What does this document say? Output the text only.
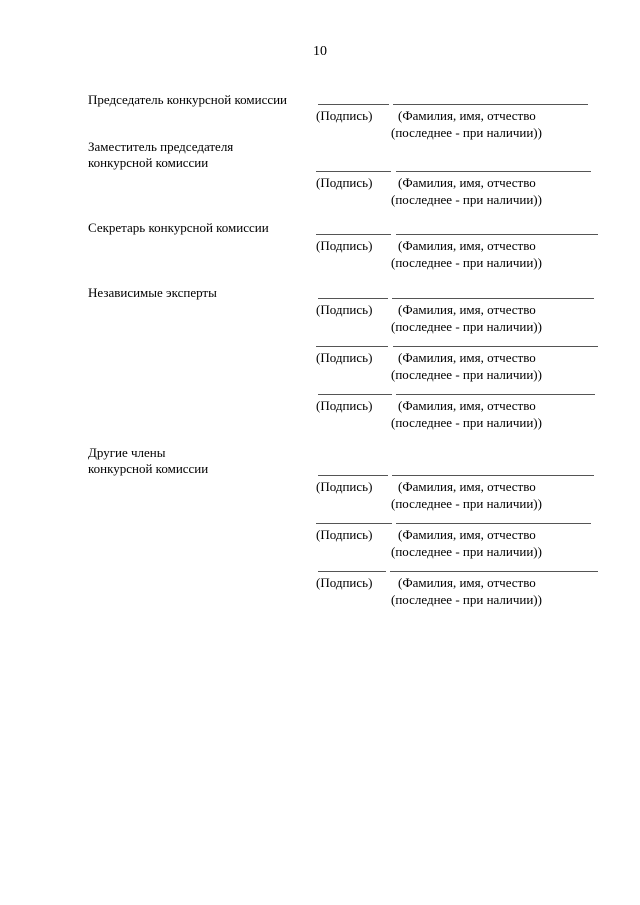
10
Председатель конкурсной комиссии
Заместитель председателя
конкурсной комиссии
Секретарь конкурсной комиссии
Независимые эксперты
Другие члены
конкурсной комиссии
(Подпись) (Фамилия, имя, отчество
(последнее - при наличии))
(Подпись) (Фамилия, имя, отчество
(последнее - при наличии))
(Подпись) (Фамилия, имя, отчество
(последнее - при наличии))
(Подпись) (Фамилия, имя, отчество
(последнее - при наличии))
(Подпись) (Фамилия, имя, отчество
(последнее - при наличии))
(Подпись) (Фамилия, имя, отчество
(последнее - при наличии))
(Подпись) (Фамилия, имя, отчество
(последнее - при наличии))
(Подпись) (Фамилия, имя, отчество
(последнее - при наличии))
(Подпись) (Фамилия, имя, отчество
(последнее - при наличии))
